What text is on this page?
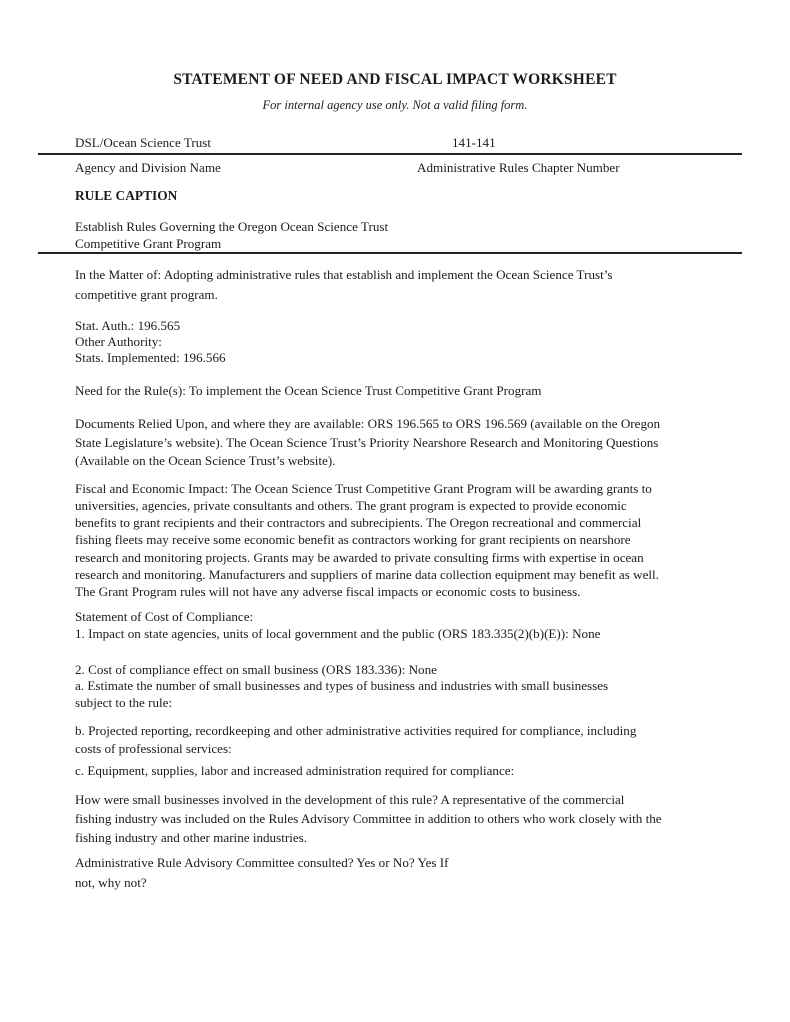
STATEMENT OF NEED AND FISCAL IMPACT WORKSHEET
For internal agency use only. Not a valid filing form.
DSL/Ocean Science Trust	141-141
Agency and Division Name	Administrative Rules Chapter Number
RULE CAPTION
Establish Rules Governing the Oregon Ocean Science Trust
Competitive Grant Program
In the Matter of: Adopting administrative rules that establish and implement the Ocean Science Trust’s
competitive grant program.
Stat. Auth.: 196.565
Other Authority:
Stats. Implemented: 196.566
Need for the Rule(s): To implement the Ocean Science Trust Competitive Grant Program
Documents Relied Upon, and where they are available: ORS 196.565 to ORS 196.569 (available on the Oregon
State Legislature’s website). The Ocean Science Trust’s Priority Nearshore Research and Monitoring Questions
(Available on the Ocean Science Trust’s website).
Fiscal and Economic Impact: The Ocean Science Trust Competitive Grant Program will be awarding grants to
universities, agencies, private consultants and others. The grant program is expected to provide economic
benefits to grant recipients and their contractors and subrecipients. The Oregon recreational and commercial
fishing fleets may receive some economic benefit as contractors working for grant recipients on nearshore
research and monitoring projects. Grants may be awarded to private consulting firms with expertise in ocean
research and monitoring. Manufacturers and suppliers of marine data collection equipment may benefit as well.
The Grant Program rules will not have any adverse fiscal impacts or economic costs to business.
Statement of Cost of Compliance:
1. Impact on state agencies, units of local government and the public (ORS 183.335(2)(b)(E)): None
2. Cost of compliance effect on small business (ORS 183.336): None
a. Estimate the number of small businesses and types of business and industries with small businesses
subject to the rule:
b. Projected reporting, recordkeeping and other administrative activities required for compliance, including
costs of professional services:
c. Equipment, supplies, labor and increased administration required for compliance:
How were small businesses involved in the development of this rule? A representative of the commercial
fishing industry was included on the Rules Advisory Committee in addition to others who work closely with the
fishing industry and other marine industries.
Administrative Rule Advisory Committee consulted? Yes or No? Yes If
not, why not?
